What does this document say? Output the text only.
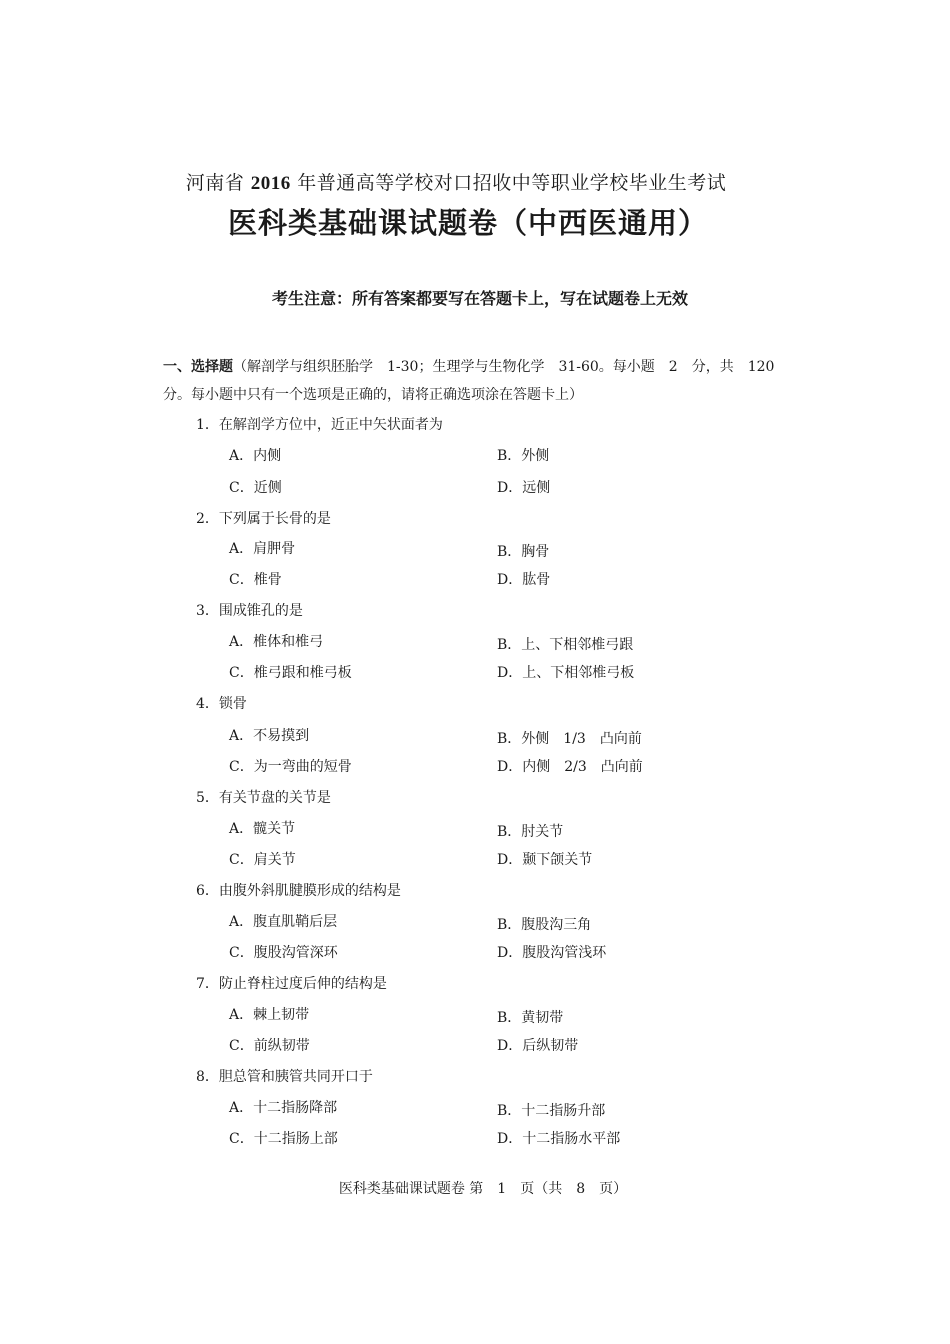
河南省 2016 年普通高等学校对口招收中等职业学校毕业生考试
医科类基础课试题卷（中西医通用）
考生注意：所有答案都要写在答题卡上，写在试题卷上无效
一、选择题（解剖学与组织胚胎学　1-30；生理学与生物化学　31-60。每小题　2　分，共　120　分。每小题中只有一个选项是正确的，请将正确选项涂在答题卡上）
1．在解剖学方位中，近正中矢状面者为
A．内侧	B．外侧
C．近侧	D．远侧
2．下列属于长骨的是
A．肩胛骨	B．胸骨
C．椎骨	D．肱骨
3．围成锥孔的是
A．椎体和椎弓	B．上、下相邻椎弓跟
C．椎弓跟和椎弓板	D．上、下相邻椎弓板
4．锁骨
A．不易摸到	B．外侧　1/3　凸向前
C．为一弯曲的短骨	D．内侧　2/3　凸向前
5．有关节盘的关节是
A．髋关节	B．肘关节
C．肩关节	D．颞下颌关节
6．由腹外斜肌腱膜形成的结构是
A．腹直肌鞘后层	B．腹股沟三角
C．腹股沟管深环	D．腹股沟管浅环
7．防止脊柱过度后伸的结构是
A．棘上韧带	B．黄韧带
C．前纵韧带	D．后纵韧带
8．胆总管和胰管共同开口于
A．十二指肠降部	B．十二指肠升部
C．十二指肠上部	D．十二指肠水平部
医科类基础课试题卷 第　1　页（共　8　页）
